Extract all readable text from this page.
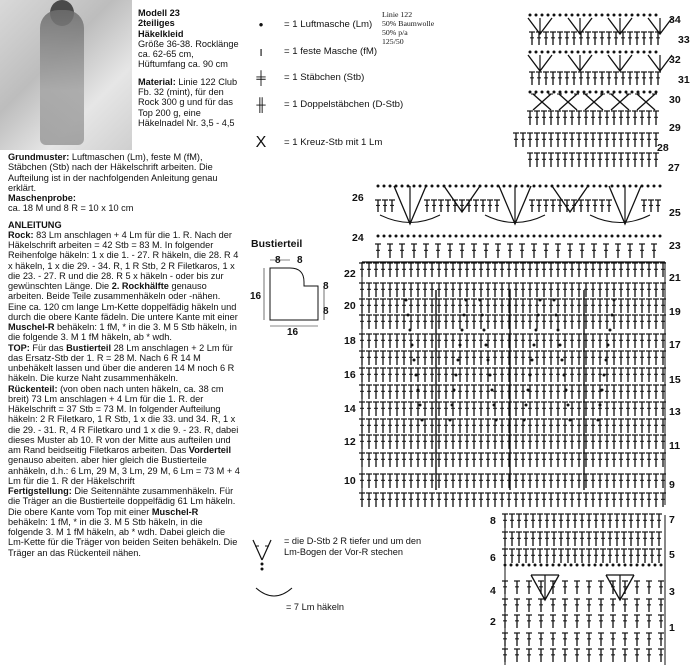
Modell 23
2teiliges
Häkelkleid
Größe 36-38. Rocklänge ca. 62-65 cm, Hüftumfang ca. 90 cm
Material: Linie 122 Club Fb. 32 (mint), für den Rock 300 g und für das Top 200 g, eine Häkelnadel Nr. 3,5 - 4,5

Grundmuster: Luftmaschen (Lm), feste M (fM), Stäbchen (Stb) nach der Häkelschrift arbeiten. Die Aufteilung ist in der nachfolgenden Anleitung genau erklärt.

Maschenprobe:

ca. 18 M und 8 R = 10 x 10 cm

ANLEITUNG

Rock: 83 Lm anschlagen + 4 Lm für die 1. R. Nach der Häkelschrift arbeiten = 42 Stb = 83 M. In folgender Reihenfolge häkeln: 1 x die 1. - 27. R häkeln, die 28. R 4 x häkeln, 1 x die 29. - 34. R, 1 R Stb, 2 R Filetkaros, 1 x die 23. - 27. R und die 28. R 5 x häkeln - oder bis zur gewünschten Länge. Die 2. Rockhälfte genauso arbeiten. Beide Teile zusammenhäkeln oder -nähen. Eine ca. 120 cm lange Lm-Kette doppelfädig häkeln und durch die obere Kante fädeln. Die untere Kante mit einer Muschel-R behäkeln: 1 fM, * in die 3. M 5 Stb häkeln, in die folgende 3. M 1 fM häkeln, ab * wdh.

TOP: Für das Bustierteil 28 Lm anschlagen + 2 Lm für das Ersatz-Stb der 1. R = 28 M. Nach 6 R 14 M unbehäkelt lassen und über die anderen 14 M noch 6 R häkeln. Die kurze Naht zusammenhäkeln.

Rückenteil: (von oben nach unten häkeln, ca. 38 cm breit) 73 Lm anschlagen + 4 Lm für die 1. R. der Häkelschrift = 37 Stb = 73 M. In folgender Aufteilung häkeln: 2 R Filetkaro, 1 R Stb, 1 x die 33. und 34. R, 1 x die 29. - 31. R, 4 R Filetkaro und 1 x die 9. - 23. R, dabei dieses Muster ab 10. R von der Mitte aus aufteilen und am Rand beidseitig Filetkaros arbeiten. Das Vorderteil genauso abeiten. aber hier gleich die Bustierteile anhäkeln, d.h.: 6 Lm, 29 M, 3 Lm, 29 M, 6 Lm = 73 M + 4 Lm für die 1. R der Häkelschrift

Fertigstellung: Die Seitennähte zusammenhäkeln. Für die Träger an die Bustierteile doppelfädig 61 Lm häkeln. Die obere Kante vom Top mit einer Muschel-R behäkeln: 1 fM, * in die 3. M 5 Stb häkeln, in die folgende 3. M 1 fM häkeln, ab * wdh. Dabei gleich die Lm-Kette für die Träger von beiden Seiten behäkeln. Die Träger an das Rückenteil nähen.

•	= 1 Luftmasche (Lm)
ı	= 1 feste Masche (fM)
╪	= 1 Stäbchen (Stb)
╫	= 1 Doppelstäbchen (D-Stb)
X	= 1 Kreuz-Stb mit 1 Lm
Linie 122
50% Baumwolle
50% p/a
125/50
Bustierteil
8 8
8
16
8
16
= die D-Stb 2 R tiefer und um den Lm-Bogen der Vor-R stechen
= 7 Lm häkeln
34
33
32
31
30
29
28
27
25
23
21
19
17
15
13
11
9
7
5
3
1
26
24
22
20
18
16
14
12
10
8
6
4
2
